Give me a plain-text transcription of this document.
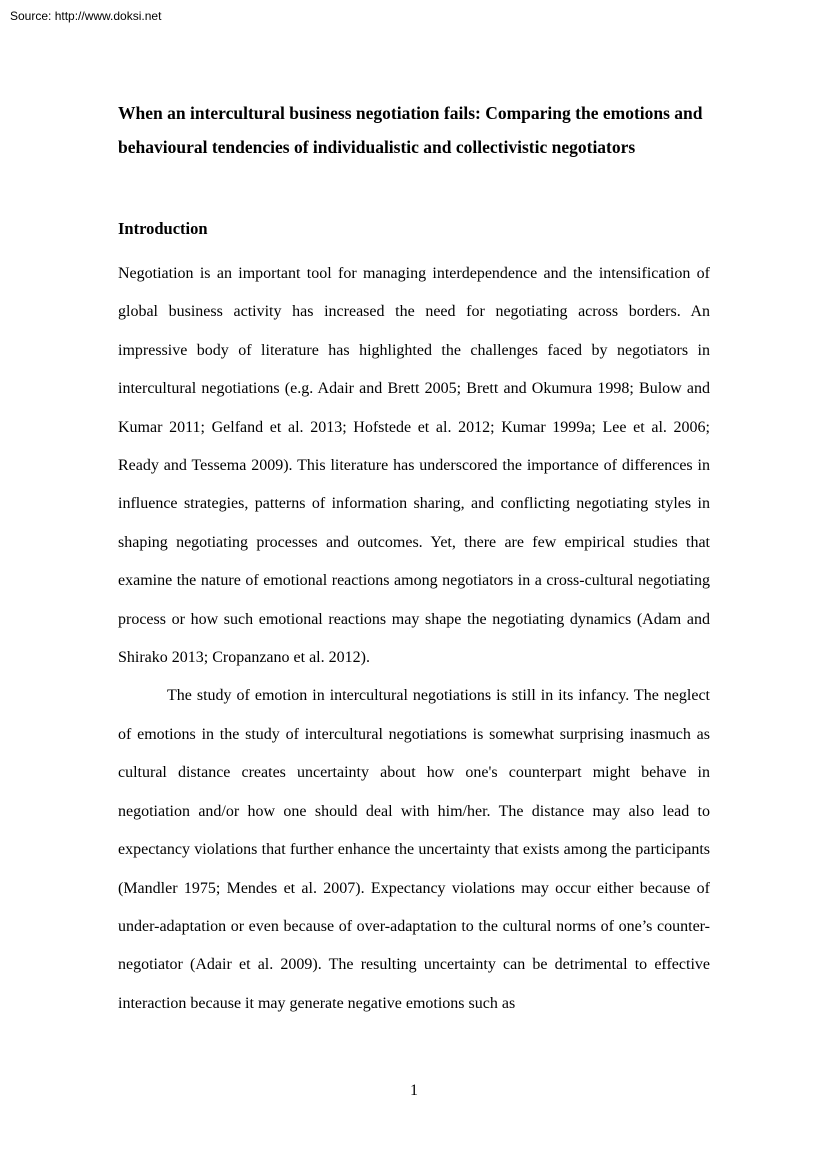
Source: http://www.doksi.net
When an intercultural business negotiation fails: Comparing the emotions and behavioural tendencies of individualistic and collectivistic negotiators
Introduction

Negotiation is an important tool for managing interdependence and the intensification of global business activity has increased the need for negotiating across borders. An impressive body of literature has highlighted the challenges faced by negotiators in intercultural negotiations (e.g. Adair and Brett 2005; Brett and Okumura 1998; Bulow and Kumar 2011; Gelfand et al. 2013; Hofstede et al. 2012; Kumar 1999a; Lee et al. 2006; Ready and Tessema 2009). This literature has underscored the importance of differences in influence strategies, patterns of information sharing, and conflicting negotiating styles in shaping negotiating processes and outcomes. Yet, there are few empirical studies that examine the nature of emotional reactions among negotiators in a cross-cultural negotiating process or how such emotional reactions may shape the negotiating dynamics (Adam and Shirako 2013; Cropanzano et al. 2012).

The study of emotion in intercultural negotiations is still in its infancy. The neglect of emotions in the study of intercultural negotiations is somewhat surprising inasmuch as cultural distance creates uncertainty about how one's counterpart might behave in negotiation and/or how one should deal with him/her. The distance may also lead to expectancy violations that further enhance the uncertainty that exists among the participants (Mandler 1975; Mendes et al. 2007). Expectancy violations may occur either because of under-adaptation or even because of over-adaptation to the cultural norms of one’s counter-negotiator (Adair et al. 2009). The resulting uncertainty can be detrimental to effective interaction because it may generate negative emotions such as

1
